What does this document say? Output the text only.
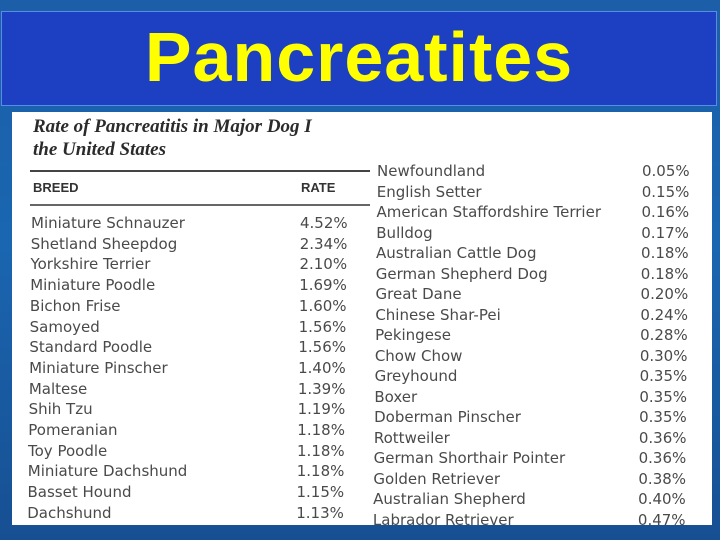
Pancreatites
Rate of Pancreatitis in Major Dog I
the United States
BREED	RATE
Miniature Schnauzer	4.52%
Shetland Sheepdog	2.34%
Yorkshire Terrier	2.10%
Miniature Poodle	1.69%
Bichon Frise	1.60%
Samoyed	1.56%
Standard Poodle	1.56%
Miniature Pinscher	1.40%
Maltese	1.39%
Shih Tzu	1.19%
Pomeranian	1.18%
Toy Poodle	1.18%
Miniature Dachshund	1.18%
Basset Hound	1.15%
Dachshund	1.13%
Newfoundland	0.05%
English Setter	0.15%
American Staffordshire Terrier	0.16%
Bulldog	0.17%
Australian Cattle Dog	0.18%
German Shepherd Dog	0.18%
Great Dane	0.20%
Chinese Shar-Pei	0.24%
Pekingese	0.28%
Chow Chow	0.30%
Greyhound	0.35%
Boxer	0.35%
Doberman Pinscher	0.35%
Rottweiler	0.36%
German Shorthair Pointer	0.36%
Golden Retriever	0.38%
Australian Shepherd	0.40%
Labrador Retriever	0.47%
